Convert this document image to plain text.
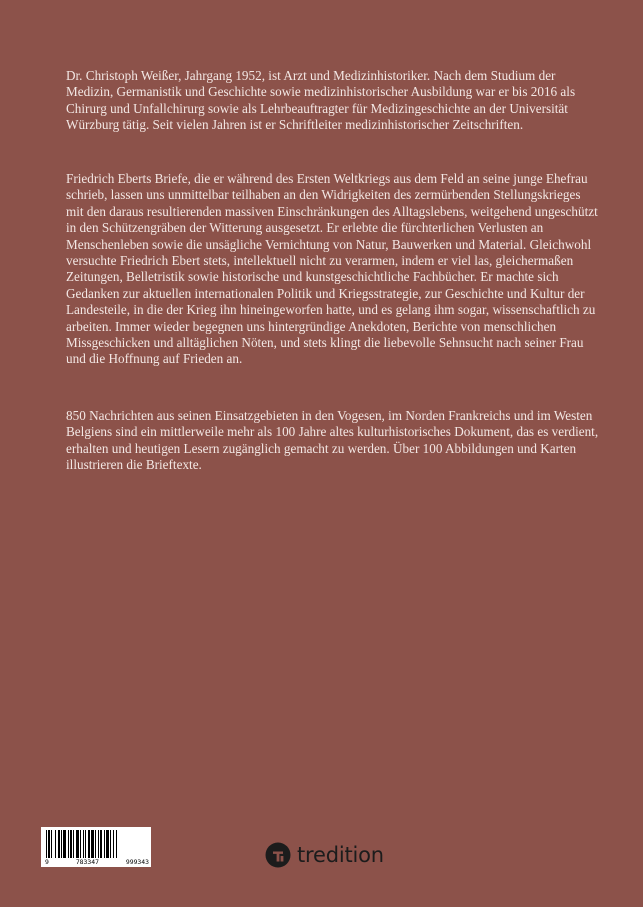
Dr. Christoph Weißer, Jahrgang 1952, ist Arzt und Medizinhistoriker. Nach dem Studium der Medizin, Germanistik und Geschichte sowie medizinhistorischer Ausbildung war er bis 2016 als Chirurg und Unfallchirurg sowie als Lehrbeauftragter für Medizingeschichte an der Universität Würzburg tätig. Seit vielen Jahren ist er Schriftleiter medizinhistorischer Zeitschriften.

Friedrich Eberts Briefe, die er während des Ersten Weltkriegs aus dem Feld an seine junge Ehefrau schrieb, lassen uns unmittelbar teilhaben an den Widrigkeiten des zermürbenden Stellungskrieges mit den daraus resultierenden massiven Einschränkungen des Alltagslebens, weitgehend ungeschützt in den Schützengräben der Witterung ausgesetzt. Er erlebte die fürchterlichen Verlusten an Menschenleben sowie die unsägliche Vernichtung von Natur, Bauwerken und Material. Gleichwohl versuchte Friedrich Ebert stets, intellektuell nicht zu verarmen, indem er viel las, gleichermaßen Zeitungen, Belletristik sowie historische und kunstgeschichtliche Fachbücher. Er machte sich Gedanken zur aktuellen internationalen Politik und Kriegsstrategie, zur Geschichte und Kultur der Landesteile, in die der Krieg ihn hineingeworfen hatte, und es gelang ihm sogar, wissenschaftlich zu arbeiten. Immer wieder begegnen uns hintergründige Anekdoten, Berichte von menschlichen Missgeschicken und alltäglichen Nöten, und stets klingt die liebevolle Sehnsucht nach seiner Frau und die Hoffnung auf Frieden an.

850 Nachrichten aus seinen Einsatzgebieten in den Vogesen, im Norden Frankreichs und im Westen Belgiens sind ein mittlerweile mehr als 100 Jahre altes kulturhistorisches Dokument, das es verdient, erhalten und heutigen Lesern zugänglich gemacht zu werden. Über 100 Abbildungen und Karten illustrieren die Brieftexte.

9	783347	999343	tredition
